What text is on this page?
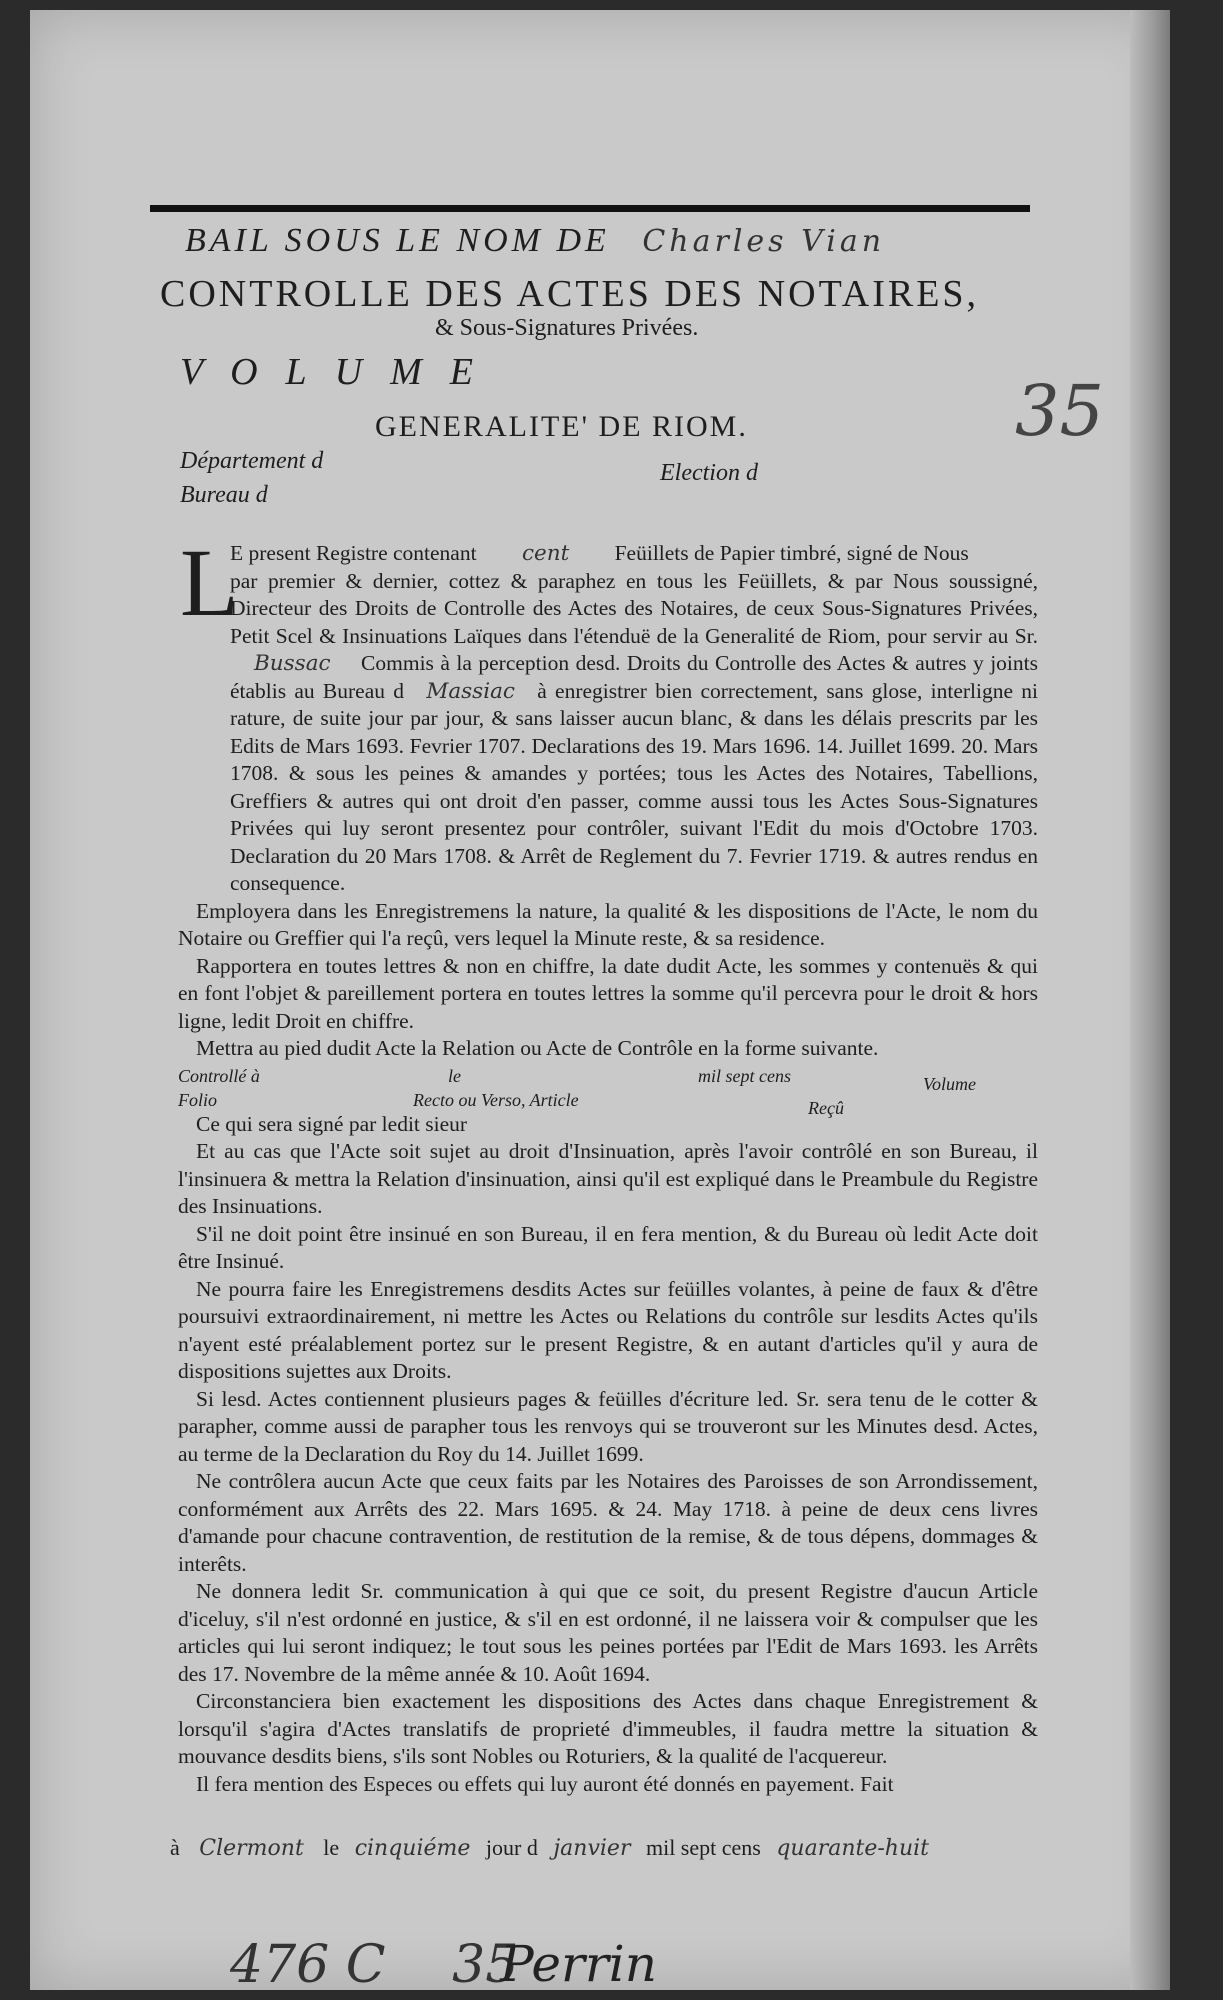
BAIL SOUS LE NOM DE Charles Vian
CONTROLLE DES ACTES DES NOTAIRES,
& Sous-Signatures Privées.
VOLUME
GENERALITE' DE RIOM.
Département d	Election d
Bureau d
35
L

E present Registre contenant cent Feüillets de Papier timbré, signé de Nous

par premier & dernier, cottez & paraphez en tous les Feüillets, & par Nous soussigné, Directeur des Droits de Controlle des Actes des Notaires, de ceux Sous-Signatures Privées, Petit Scel & Insinuations Laïques dans l'étenduë de la Generalité de Riom, pour servir au Sr. Bussac Commis à la perception desd. Droits du Controlle des Actes & autres y joints établis au Bureau d Massiac à enregistrer bien correctement, sans glose, interligne ni rature, de suite jour par jour, & sans laisser aucun blanc, & dans les délais prescrits par les Edits de Mars 1693. Fevrier 1707. Declarations des 19. Mars 1696. 14. Juillet 1699. 20. Mars 1708. & sous les peines & amandes y portées; tous les Actes des Notaires, Tabellions, Greffiers & autres qui ont droit d'en passer, comme aussi tous les Actes Sous-Signatures Privées qui luy seront presentez pour contrôler, suivant l'Edit du mois d'Octobre 1703. Declaration du 20 Mars 1708. & Arrêt de Reglement du 7. Fevrier 1719. & autres rendus en consequence.

Employera dans les Enregistremens la nature, la qualité & les dispositions de l'Acte, le nom du Notaire ou Greffier qui l'a reçû, vers lequel la Minute reste, & sa residence.

Rapportera en toutes lettres & non en chiffre, la date dudit Acte, les sommes y contenuës & qui en font l'objet & pareillement portera en toutes lettres la somme qu'il percevra pour le droit & hors ligne, ledit Droit en chiffre.

Mettra au pied dudit Acte la Relation ou Acte de Contrôle en la forme suivante.

Controllé à	le	mil sept cens	Volume
Folio	Recto ou Verso, Article	Reçû

Ce qui sera signé par ledit sieur

Et au cas que l'Acte soit sujet au droit d'Insinuation, après l'avoir contrôlé en son Bureau, il l'insinuera & mettra la Relation d'insinuation, ainsi qu'il est expliqué dans le Preambule du Registre des Insinuations.

S'il ne doit point être insinué en son Bureau, il en fera mention, & du Bureau où ledit Acte doit être Insinué.

Ne pourra faire les Enregistremens desdits Actes sur feüilles volantes, à peine de faux & d'être poursuivi extraordinairement, ni mettre les Actes ou Relations du contrôle sur lesdits Actes qu'ils n'ayent esté préalablement portez sur le present Registre, & en autant d'articles qu'il y aura de dispositions sujettes aux Droits.

Si lesd. Actes contiennent plusieurs pages & feüilles d'écriture led. Sr. sera tenu de le cotter & parapher, comme aussi de parapher tous les renvoys qui se trouveront sur les Minutes desd. Actes, au terme de la Declaration du Roy du 14. Juillet 1699.

Ne contrôlera aucun Acte que ceux faits par les Notaires des Paroisses de son Arrondissement, conformément aux Arrêts des 22. Mars 1695. & 24. May 1718. à peine de deux cens livres d'amande pour chacune contravention, de restitution de la remise, & de tous dépens, dommages & interêts.

Ne donnera ledit Sr. communication à qui que ce soit, du present Registre d'aucun Article d'iceluy, s'il n'est ordonné en justice, & s'il en est ordonné, il ne laissera voir & compulser que les articles qui lui seront indiquez; le tout sous les peines portées par l'Edit de Mars 1693. les Arrêts des 17. Novembre de la même année & 10. Août 1694.

Circonstanciera bien exactement les dispositions des Actes dans chaque Enregistrement & lorsqu'il s'agira d'Actes translatifs de proprieté d'immeubles, il faudra mettre la situation & mouvance desdits biens, s'ils sont Nobles ou Roturiers, & la qualité de l'acquereur.

Il fera mention des Especes ou effets qui luy auront été donnés en payement. Fait

à Clermont le cinquiéme jour d janvier mil sept cens quarante-huit
476 C 35
Perrin
